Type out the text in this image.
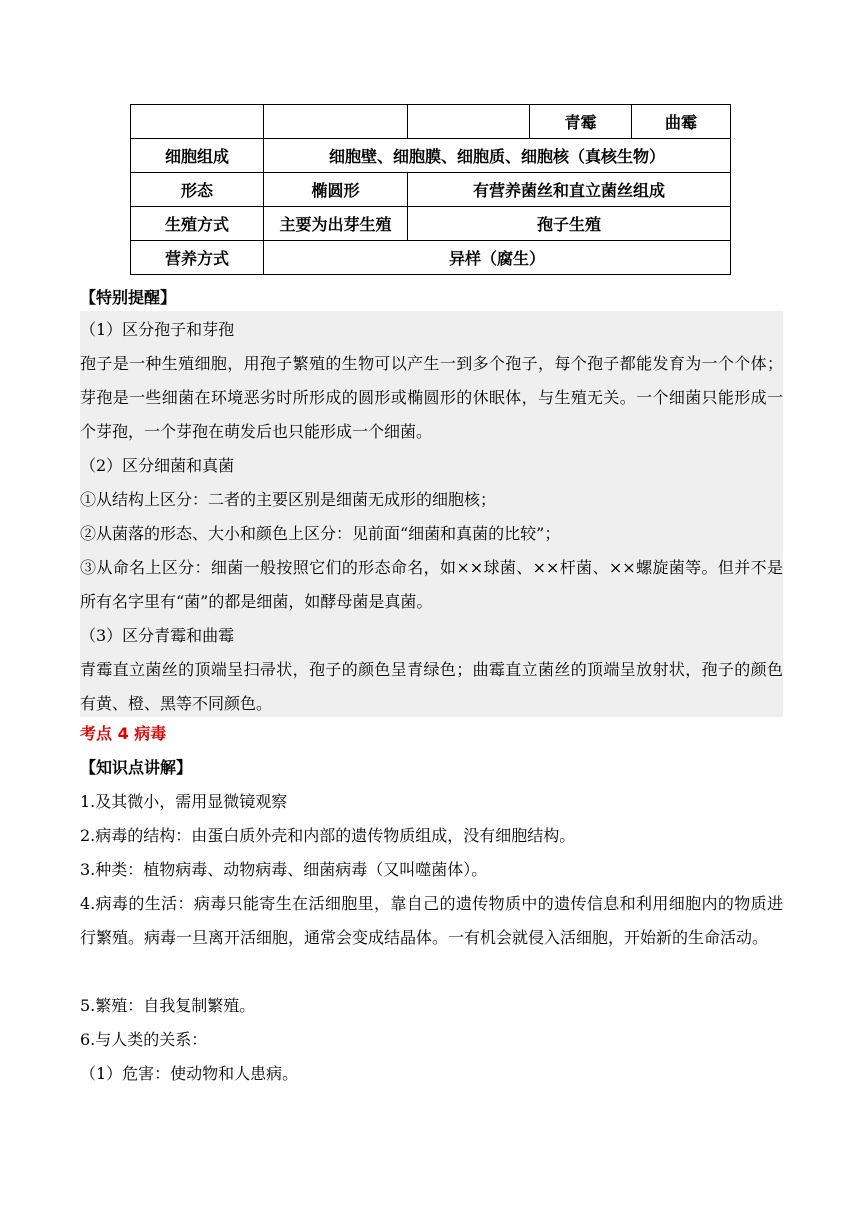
			青霉	曲霉
细胞组成	细胞壁、细胞膜、细胞质、细胞核（真核生物）			
形态	椭圆形	有营养菌丝和直立菌丝组成		
生殖方式	主要为出芽生殖	孢子生殖		
营养方式	异样（腐生）			
【特别提醒】
（1）区分孢子和芽孢
孢子是一种生殖细胞，用孢子繁殖的生物可以产生一到多个孢子，每个孢子都能发育为一个个体；芽孢是一些细菌在环境恶劣时所形成的圆形或椭圆形的休眠体，与生殖无关。一个细菌只能形成一个芽孢，一个芽孢在萌发后也只能形成一个细菌。
（2）区分细菌和真菌
①从结构上区分：二者的主要区别是细菌无成形的细胞核；
②从菌落的形态、大小和颜色上区分：见前面“细菌和真菌的比较”；
③从命名上区分：细菌一般按照它们的形态命名，如××球菌、××杆菌、××螺旋菌等。但并不是所有名字里有“菌”的都是细菌，如酵母菌是真菌。
（3）区分青霉和曲霉
青霉直立菌丝的顶端呈扫帚状，孢子的颜色呈青绿色；曲霉直立菌丝的顶端呈放射状，孢子的颜色有黄、橙、黑等不同颜色。
考点 4 病毒
【知识点讲解】
1.及其微小，需用显微镜观察
2.病毒的结构：由蛋白质外壳和内部的遗传物质组成，没有细胞结构。
3.种类：植物病毒、动物病毒、细菌病毒（又叫噬菌体）。
4.病毒的生活：病毒只能寄生在活细胞里，靠自己的遗传物质中的遗传信息和利用细胞内的物质进行繁殖。病毒一旦离开活细胞，通常会变成结晶体。一有机会就侵入活细胞，开始新的生命活动。
5.繁殖：自我复制繁殖。
6.与人类的关系：
（1）危害：使动物和人患病。
